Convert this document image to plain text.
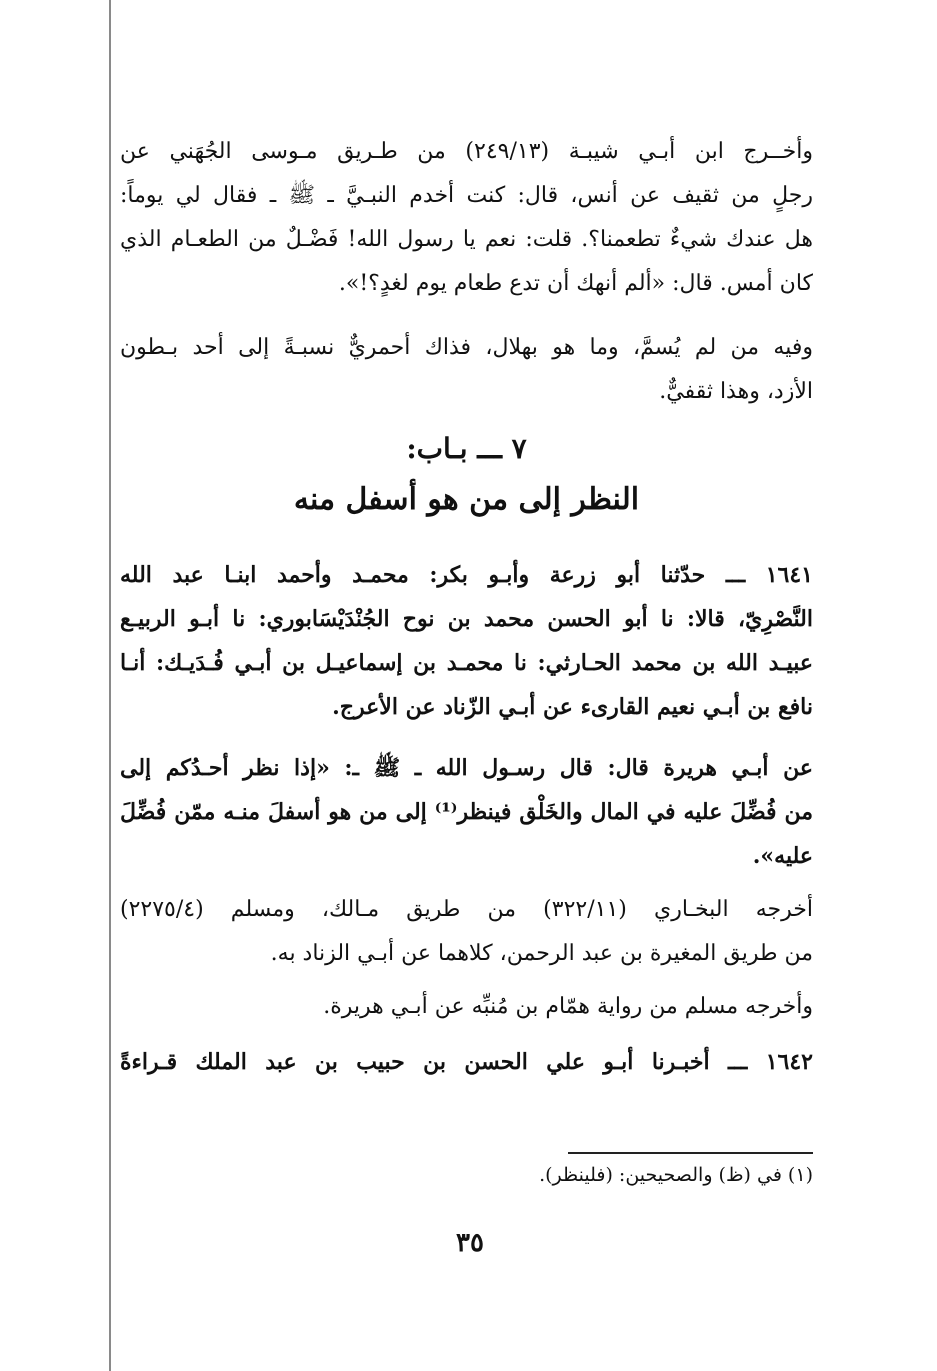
وأخــرج ابن أبـي شيبـة (٢٤٩/١٣) من طـريق مـوسى الجُهَني عن
رجلٍ من ثقيف عن أنس، قال: كنت أخدم النبـيَّ ـ ﷺ ـ فقال لي يوماً:
هل عندك شيءٌ تطعمنا؟. قلت: نعم يا رسول الله! فَضْـلٌ من الطعـام الذي
كان أمس. قال: «ألم أنهك أن تدع طعام يوم لغدٍ؟!».
وفيه من لم يُسمَّ، وما هو بهلال، فذاك أحمريٌّ نسبـةً إلى أحد بـطون
الأزد، وهذا ثقفيٌّ.
٧ ـــ بـاب:
النظر إلى من هو أسفل منه
١٦٤١ ـــ حدّثنا أبو زرعة وأبـو بكر: محمـد وأحمد ابنـا عبد الله
النَّصْرِيّ، قالا: نا أبو الحسن محمد بن نوح الجُنْدَيْسَابوري: نا أبـو الربيـع
عبيـد الله بن محمد الحـارثي: نا محمـد بن إسماعيـل بن أبـي فُـدَيـك: أنـا
نافع بن أبـي نعيم القارىء عن أبـي الزّناد عن الأعرج.
عن أبـي هريرة قال: قال رسـول الله ـ ﷺ ـ: «إذا نظر أحـدُكم إلى
من فُضِّلَ عليه في المال والخَلْق فينظر⁽¹⁾ إلى من هو أسفلَ منـه ممّن فُضِّلَ
عليه».
أخرجه البخـاري (٣٢٢/١١) من طريق مـالك، ومسلم (٢٢٧٥/٤)
من طريق المغيرة بن عبد الرحمن، كلاهما عن أبـي الزناد به.
وأخرجه مسلم من رواية همّام بن مُنبِّه عن أبـي هريرة.
١٦٤٢ ـــ أخبـرنا أبـو علي الحسن بن حبيب بن عبد الملك قـراءةً
(١) في (ظ) والصحيحين: (فلينظر).
٣٥
